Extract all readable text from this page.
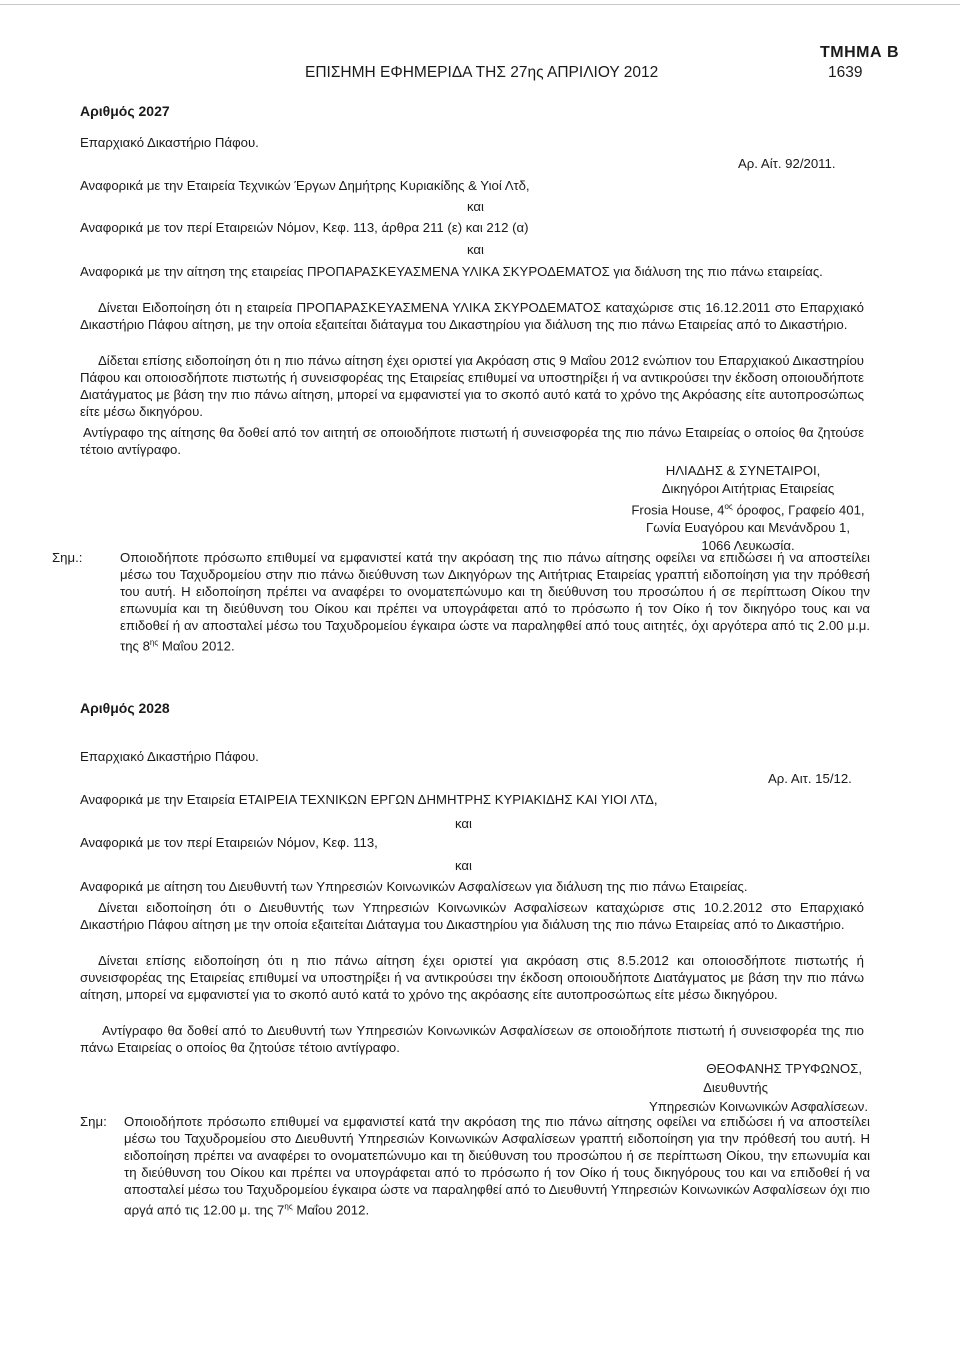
ΤΜΗΜΑ Β
ΕΠΙΣΗΜΗ ΕΦΗΜΕΡΙΔΑ ΤΗΣ 27ης ΑΠΡΙΛΙΟΥ 2012	1639
Αριθμός 2027
Επαρχιακό Δικαστήριο Πάφου.
Αρ. Αίτ. 92/2011.
Αναφορικά με την Εταιρεία Τεχνικών Έργων Δημήτρης Κυριακίδης & Υιοί Λτδ,
και
Αναφορικά με τον περί Εταιρειών Νόμον, Κεφ. 113, άρθρα 211 (ε) και 212 (α)
και
Αναφορικά με την αίτηση της εταιρείας ΠΡΟΠΑΡΑΣΚΕΥΑΣΜΕΝΑ ΥΛΙΚΑ ΣΚΥΡΟΔΕΜΑΤΟΣ για διάλυση της πιο πάνω εταιρείας.
Δίνεται Ειδοποίηση ότι η εταιρεία ΠΡΟΠΑΡΑΣΚΕΥΑΣΜΕΝΑ ΥΛΙΚΑ ΣΚΥΡΟΔΕΜΑΤΟΣ καταχώρισε στις 16.12.2011 στο Επαρχιακό Δικαστήριο Πάφου αίτηση, με την οποία εξαιτείται διάταγμα του Δικαστηρίου για διάλυση της πιο πάνω Εταιρείας από το Δικαστήριο.
Δίδεται επίσης ειδοποίηση ότι η πιο πάνω αίτηση έχει οριστεί για Ακρόαση στις 9 Μαΐου 2012 ενώπιον του Επαρχιακού Δικαστηρίου Πάφου και οποιοσδήποτε πιστωτής ή συνεισφορέας της Εταιρείας επιθυμεί να υποστηρίξει ή να αντικρούσει την έκδοση οποιουδήποτε Διατάγματος με βάση την πιο πάνω αίτηση, μπορεί να εμφανιστεί για το σκοπό αυτό κατά το χρόνο της Ακρόασης είτε αυτοπροσώπως είτε μέσω δικηγόρου.
Αντίγραφο της αίτησης θα δοθεί από τον αιτητή σε οποιοδήποτε πιστωτή ή συνεισφορέα της πιο πάνω Εταιρείας ο οποίος θα ζητούσε τέτοιο αντίγραφο.
ΗΛΙΑΔΗΣ & ΣΥΝΕΤΑΙΡΟΙ,
Δικηγόροι Αιτήτριας Εταιρείας
Frosia House, $4^{o\varsigma}$ όροφος, Γραφείο 401,
Γωνία Ευαγόρου και Μενάνδρου 1,
1066 Λευκωσία.
Σημ.:	Οποιοδήποτε πρόσωπο επιθυμεί να εμφανιστεί κατά την ακρόαση της πιο πάνω αίτησης οφείλει να επιδώσει ή να αποστείλει μέσω του Ταχυδρομείου στην πιο πάνω διεύθυνση των Δικηγόρων της Αιτήτριας Εταιρείας γραπτή ειδοποίηση για την πρόθεσή του αυτή. Η ειδοποίηση πρέπει να αναφέρει το ονοματεπώνυμο και τη διεύθυνση του προσώπου ή σε περίπτωση Οίκου την επωνυμία και τη διεύθυνση του Οίκου και πρέπει να υπογράφεται από το πρόσωπο ή τον Οίκο ή τον δικηγόρο τους και να επιδοθεί ή αν αποσταλεί μέσω του Ταχυδρομείου έγκαιρα ώστε να παραληφθεί από τους αιτητές, όχι αργότερα από τις 2.00 μ.μ. της $8^{\eta\varsigma}$ Μαΐου 2012.
Αριθμός 2028
Επαρχιακό Δικαστήριο Πάφου.
Αρ. Αιτ. 15/12.
Αναφορικά με την Εταιρεία ΕΤΑΙΡΕΙΑ ΤΕΧΝΙΚΩΝ ΕΡΓΩΝ ΔΗΜΗΤΡΗΣ ΚΥΡΙΑΚΙΔΗΣ ΚΑΙ ΥΙΟΙ ΛΤΔ,
και
Αναφορικά με τον περί Εταιρειών Νόμον, Κεφ. 113,
και
Αναφορικά με αίτηση του Διευθυντή των Υπηρεσιών Κοινωνικών Ασφαλίσεων για διάλυση της πιο πάνω Εταιρείας.
Δίνεται ειδοποίηση ότι ο Διευθυντής των Υπηρεσιών Κοινωνικών Ασφαλίσεων καταχώρισε στις 10.2.2012 στο Επαρχιακό Δικαστήριο Πάφου αίτηση με την οποία εξαιτείται Διάταγμα του Δικαστηρίου για διάλυση της πιο πάνω Εταιρείας από το Δικαστήριο.
Δίνεται επίσης ειδοποίηση ότι η πιο πάνω αίτηση έχει οριστεί για ακρόαση στις 8.5.2012 και οποιοσδήποτε πιστωτής ή συνεισφορέας της Εταιρείας επιθυμεί να υποστηρίξει ή να αντικρούσει την έκδοση οποιουδήποτε Διατάγματος με βάση την πιο πάνω αίτηση, μπορεί να εμφανιστεί για το σκοπό αυτό κατά το χρόνο της ακρόασης είτε αυτοπροσώπως είτε μέσω δικηγόρου.
Αντίγραφο θα δοθεί από το Διευθυντή των Υπηρεσιών Κοινωνικών Ασφαλίσεων σε οποιοδήποτε πιστωτή ή συνεισφορέα της πιο πάνω Εταιρείας ο οποίος θα ζητούσε τέτοιο αντίγραφο.
ΘΕΟΦΑΝΗΣ ΤΡΥΦΩΝΟΣ,
Διευθυντής
Υπηρεσιών Κοινωνικών Ασφαλίσεων.
Σημ:	Οποιοδήποτε πρόσωπο επιθυμεί να εμφανιστεί κατά την ακρόαση της πιο πάνω αίτησης οφείλει να επιδώσει ή να αποστείλει μέσω του Ταχυδρομείου στο Διευθυντή Υπηρεσιών Κοινωνικών Ασφαλίσεων γραπτή ειδοποίηση για την πρόθεσή του αυτή. Η ειδοποίηση πρέπει να αναφέρει το ονοματεπώνυμο και τη διεύθυνση του προσώπου ή σε περίπτωση Οίκου, την επωνυμία και τη διεύθυνση του Οίκου και πρέπει να υπογράφεται από το πρόσωπο ή τον Οίκο ή τους δικηγόρους του και να επιδοθεί ή να αποσταλεί μέσω του Ταχυδρομείου έγκαιρα ώστε να παραληφθεί από το Διευθυντή Υπηρεσιών Κοινωνικών Ασφαλίσεων όχι πιο αργά από τις 12.00 μ. της $7^{\eta\varsigma}$ Μαΐου 2012.
